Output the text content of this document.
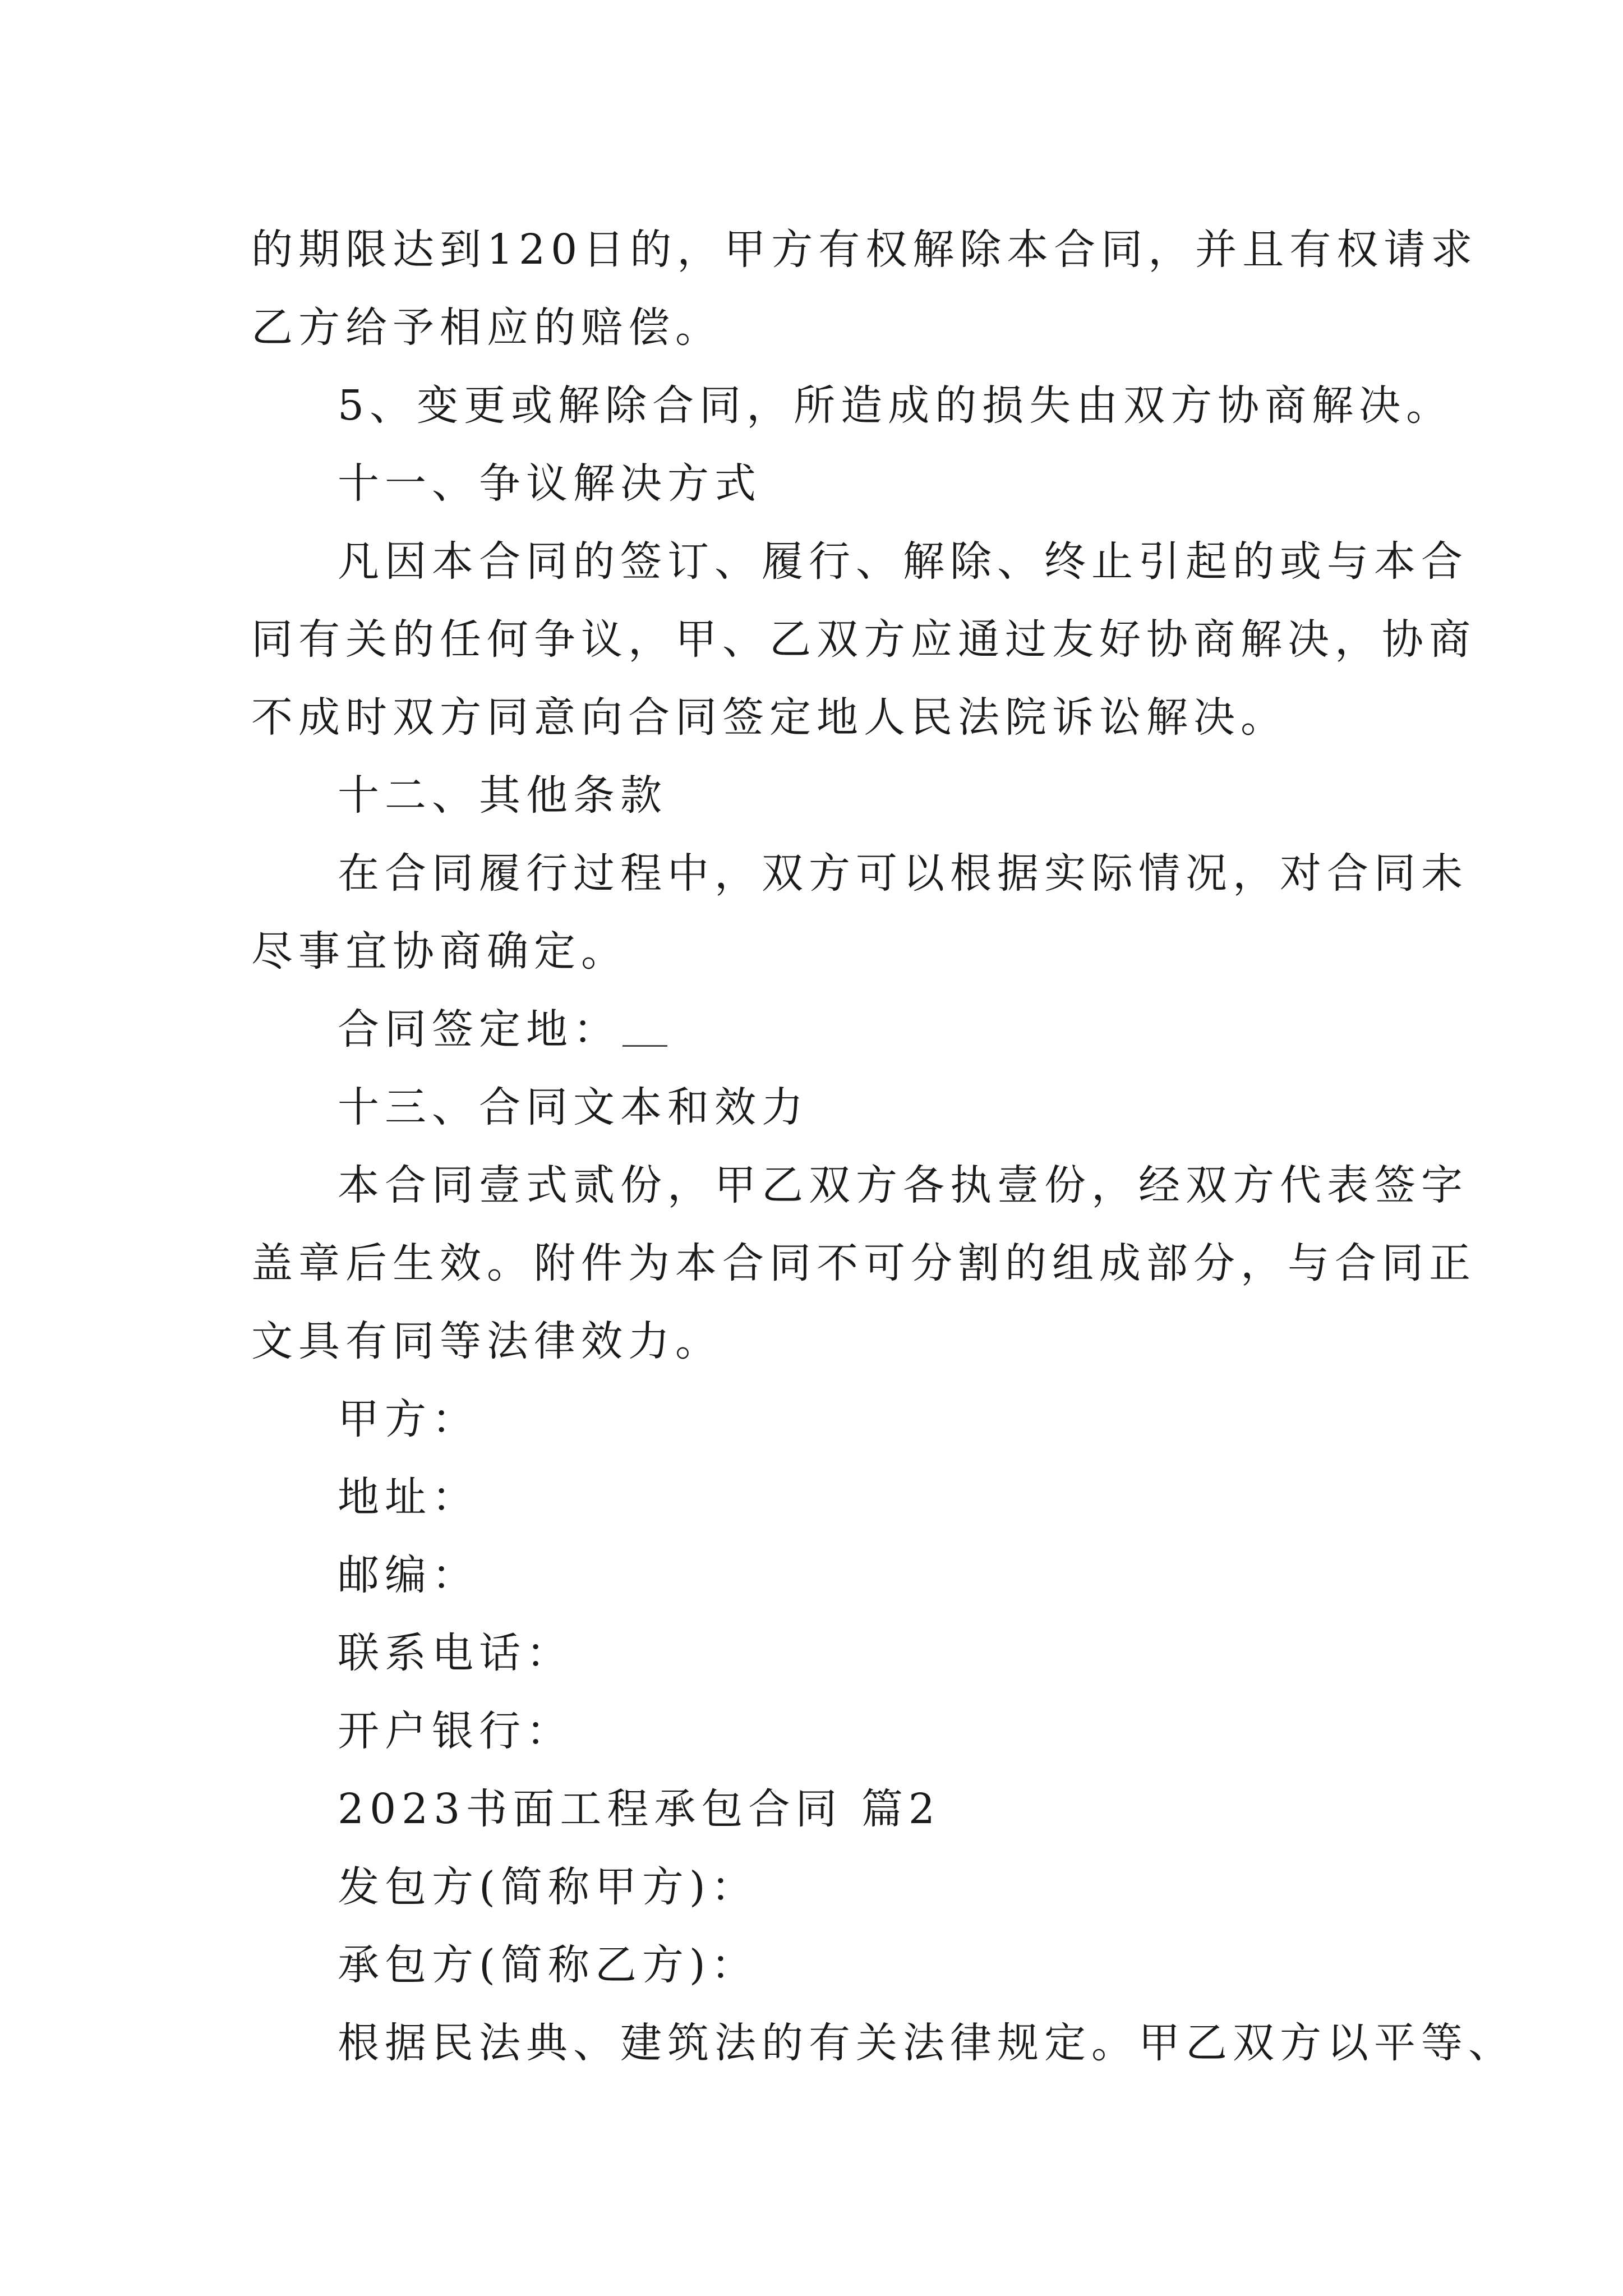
的期限达到120日的，甲方有权解除本合同，并且有权请求
乙方给予相应的赔偿。
5、变更或解除合同，所造成的损失由双方协商解决。
十一、争议解决方式
凡因本合同的签订、履行、解除、终止引起的或与本合
同有关的任何争议，甲、乙双方应通过友好协商解决，协商
不成时双方同意向合同签定地人民法院诉讼解决。
十二、其他条款
在合同履行过程中，双方可以根据实际情况，对合同未
尽事宜协商确定。
合同签定地：
十三、合同文本和效力
本合同壹式贰份，甲乙双方各执壹份，经双方代表签字
盖章后生效。附件为本合同不可分割的组成部分，与合同正
文具有同等法律效力。
甲方：
地址：
邮编：
联系电话：
开户银行：
2023书面工程承包合同 篇2
发包方(简称甲方)：
承包方(简称乙方)：
根据民法典、建筑法的有关法律规定。甲乙双方以平等、
